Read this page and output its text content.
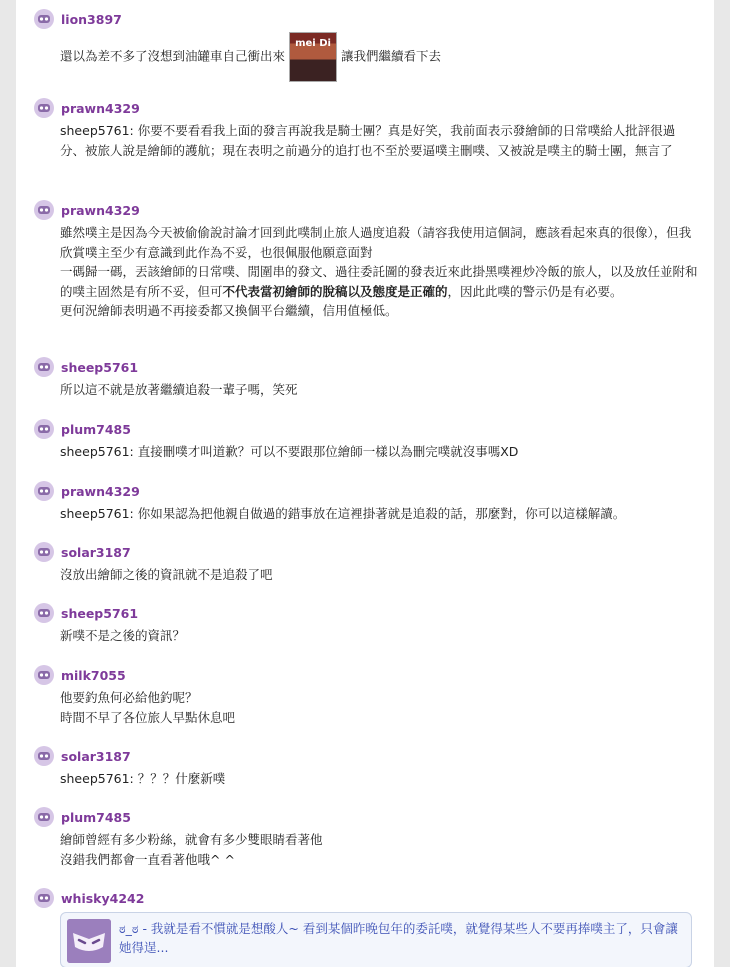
lion3897
還以為差不多了沒想到油罐車自己衝出來
mei Di
讓我們繼續看下去
prawn4329
sheep5761: 你要不要看看我上面的發言再說我是騎士團？真是好笑，我前面表示發繪師的日常噗給人批評很過分、被旅人說是繪師的護航；現在表明之前過分的追打也不至於要逼噗主刪噗、又被說是噗主的騎士團，無言了
prawn4329
雖然噗主是因為今天被偷偷說討論才回到此噗制止旅人過度追殺（請容我使用這個詞，應該看起來真的很像），但我欣賞噗主至少有意識到此作為不妥，也很佩服他願意面對
一碼歸一碼，丟該繪師的日常噗、閒圍串的發文、過往委託圖的發表近來此掛黑噗裡炒冷飯的旅人，以及放任並附和的噗主固然是有所不妥，但可不代表當初繪師的脫稿以及態度是正確的，因此此噗的警示仍是有必要。
更何況繪師表明過不再接委都又換個平台繼續，信用值極低。
sheep5761
所以這不就是放著繼續追殺一輩子嗎，笑死
plum7485
sheep5761: 直接刪噗才叫道歉？可以不要跟那位繪師一樣以為刪完噗就沒事嗎XD
prawn4329
sheep5761: 你如果認為把他親自做過的錯事放在這裡掛著就是追殺的話，那麼對，你可以這樣解讀。
solar3187
沒放出繪師之後的資訊就不是追殺了吧
sheep5761
新噗不是之後的資訊？
milk7055
他要釣魚何必給他釣呢？
時間不早了各位旅人早點休息吧
solar3187
sheep5761: ？？？什麼新噗
plum7485
繪師曾經有多少粉絲，就會有多少雙眼睛看著他
沒錯我們都會一直看著他哦^ ^
whisky4242
ಠ_ಠ - 我就是看不慣就是想酸人~ 看到某個昨晚包年的委託噗，就覺得某些人不要再捧噗主了，只會讓她得逞...
